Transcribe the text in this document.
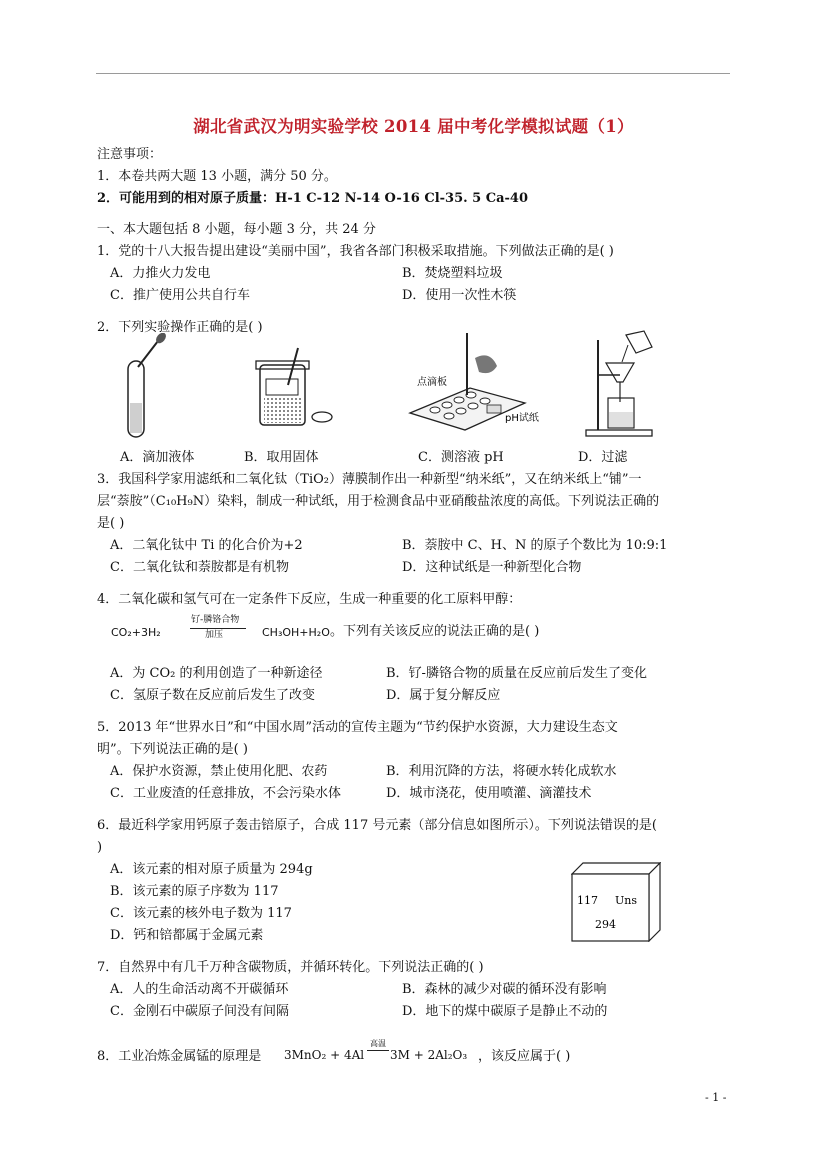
湖北省武汉为明实验学校 2014 届中考化学模拟试题（1）
注意事项：
1．本卷共两大题 13 小题，满分 50 分。
2．可能用到的相对原子质量：H-1 C-12 N-14 O-16 Cl-35. 5 Ca-40
一、本大题包括 8 小题，每小题 3 分，共 24 分
1．党的十八大报告提出建设“美丽中国”，我省各部门积极采取措施。下列做法正确的是( )
A．力推火力发电	B．焚烧塑料垃圾
C．推广使用公共自行车	D．使用一次性木筷
2．下列实验操作正确的是( )
点滴板
pH试纸
A．滴加液体	B．取用固体	C．测溶液 pH	D．过滤
3．我国科学家用滤纸和二氧化钛（TiO₂）薄膜制作出一种新型“纳米纸”，又在纳米纸上“铺”一
层“萘胺”（C₁₀H₉N）染料，制成一种试纸，用于检测食品中亚硝酸盐浓度的高低。下列说法正确的
是( )
A．二氧化钛中 Ti 的化合价为+2	B．萘胺中 C、H、N 的原子个数比为 10:9:1
C．二氧化钛和萘胺都是有机物	D．这种试纸是一种新型化合物
4．二氧化碳和氢气可在一定条件下反应，生成一种重要的化工原料甲醇：
CO₂+3H₂
钌-膦铬合物
加压	CH₃OH+H₂O 。下列有关该反应的说法正确的是( )
A．为 CO₂ 的利用创造了一种新途径	B．钌-膦铬合物的质量在反应前后发生了变化
C．氢原子数在反应前后发生了改变	D．属于复分解反应
5．2013 年“世界水日”和“中国水周”活动的宣传主题为“节约保护水资源，大力建设生态文
明”。下列说法正确的是( )
A．保护水资源，禁止使用化肥、农药	B．利用沉降的方法，将硬水转化成软水
C．工业废渣的任意排放，不会污染水体	D．城市浇花，使用喷灌、滴灌技术
6．最近科学家用钙原子轰击锫原子，合成 117 号元素（部分信息如图所示）。下列说法错误的是(
)
A．该元素的相对原子质量为 294g
B．该元素的原子序数为 117
C．该元素的核外电子数为 117
D．钙和锫都属于金属元素
117 Uns
294
7．自然界中有几千万种含碳物质，并循环转化。下列说法正确的( )
A．人的生命活动离不开碳循环	B．森林的减少对碳的循环没有影响
C．金刚石中碳原子间没有间隔	D．地下的煤中碳原子是静止不动的
8．工业冶炼金属锰的原理是 3MnO₂ + 4Al
高温
3M + 2Al₂O₃ ，该反应属于( )
- 1 -
